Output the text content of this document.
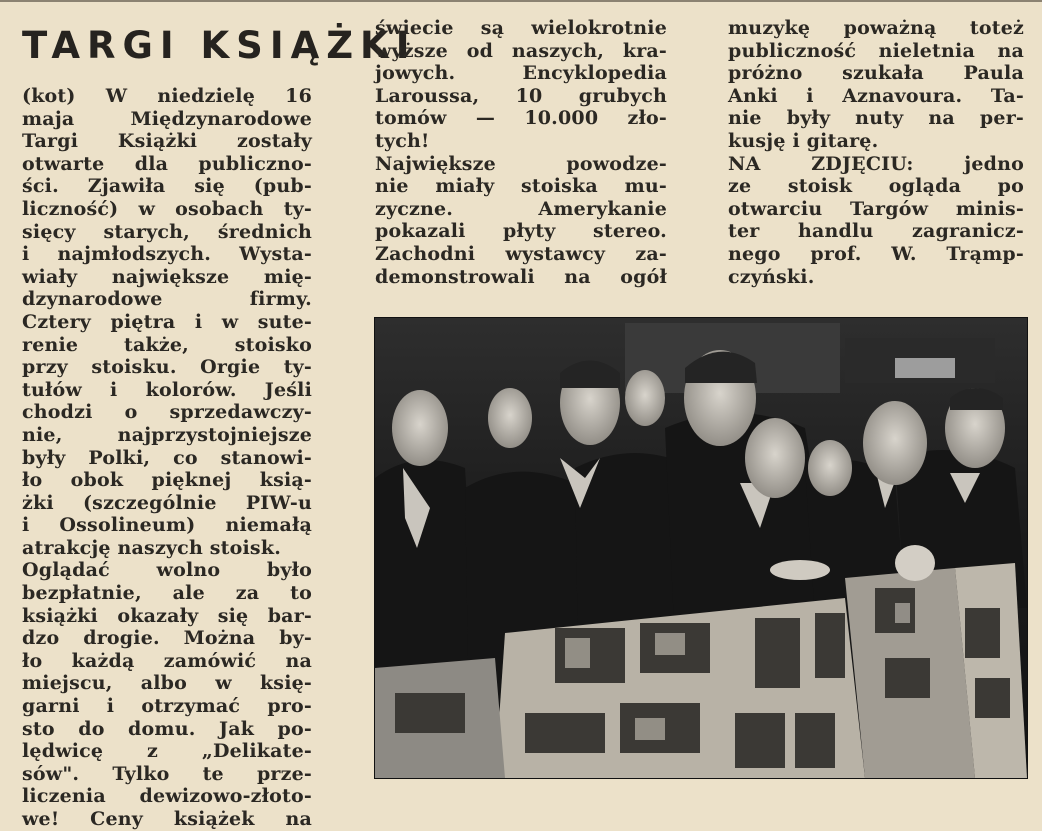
TARGI KSIĄŻKI
(kot) W niedzielę 16
maja Międzynarodowe
Targi Książki zostały
otwarte dla publiczno-
ści. Zjawiła się (pub-
liczność) w osobach ty-
sięcy starych, średnich
i najmłodszych. Wysta-
wiały największe mię-
dzynarodowe firmy.
Cztery piętra i w sute-
renie także, stoisko
przy stoisku. Orgie ty-
tułów i kolorów. Jeśli
chodzi o sprzedawczy-
nie, najprzystojniejsze
były Polki, co stanowi-
ło obok pięknej ksią-
żki (szczególnie PIW-u
i Ossolineum) niemałą
atrakcję naszych stoisk.
Oglądać wolno było
bezpłatnie, ale za to
książki okazały się bar-
dzo drogie. Można by-
ło każdą zamówić na
miejscu, albo w księ-
garni i otrzymać pro-
sto do domu. Jak po-
lędwicę z „Delikate-
sów". Tylko te prze-
liczenia dewizowo-złoto-
we! Ceny książek na
świecie są wielokrotnie
wyższe od naszych, kra-
jowych. Encyklopedia
Laroussa, 10 grubych
tomów — 10.000 zło-
tych!
Największe powodze-
nie miały stoiska mu-
zyczne. Amerykanie
pokazali płyty stereo.
Zachodni wystawcy za-
demonstrowali na ogół
muzykę poważną toteż
publiczność nieletnia na
próżno szukała Paula
Anki i Aznavoura. Ta-
nie były nuty na per-
kusję i gitarę.
NA ZDJĘCIU: jedno
ze stoisk ogląda po
otwarciu Targów minis-
ter handlu zagranicz-
nego prof. W. Trąmp-
czyński.
